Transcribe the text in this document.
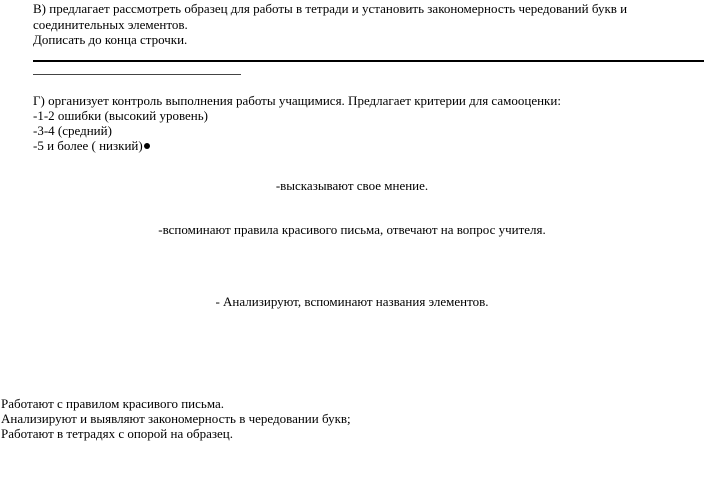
В) предлагает рассмотреть образец для работы в тетради и установить закономерность чередований букв и
соединительных элементов.
Дописать до конца строчки.
Г) организует контроль выполнения работы учащимися. Предлагает критерии для самооценки:
-1-2 ошибки (высокий уровень)
-3-4 (средний)
-5 и более ( низкий)
-высказывают свое мнение.
-вспоминают правила красивого письма, отвечают на вопрос учителя.
- Анализируют, вспоминают названия элементов.
Работают с правилом красивого письма.
Анализируют и выявляют закономерность в чередовании букв;
Работают в тетрадях с опорой на образец.
